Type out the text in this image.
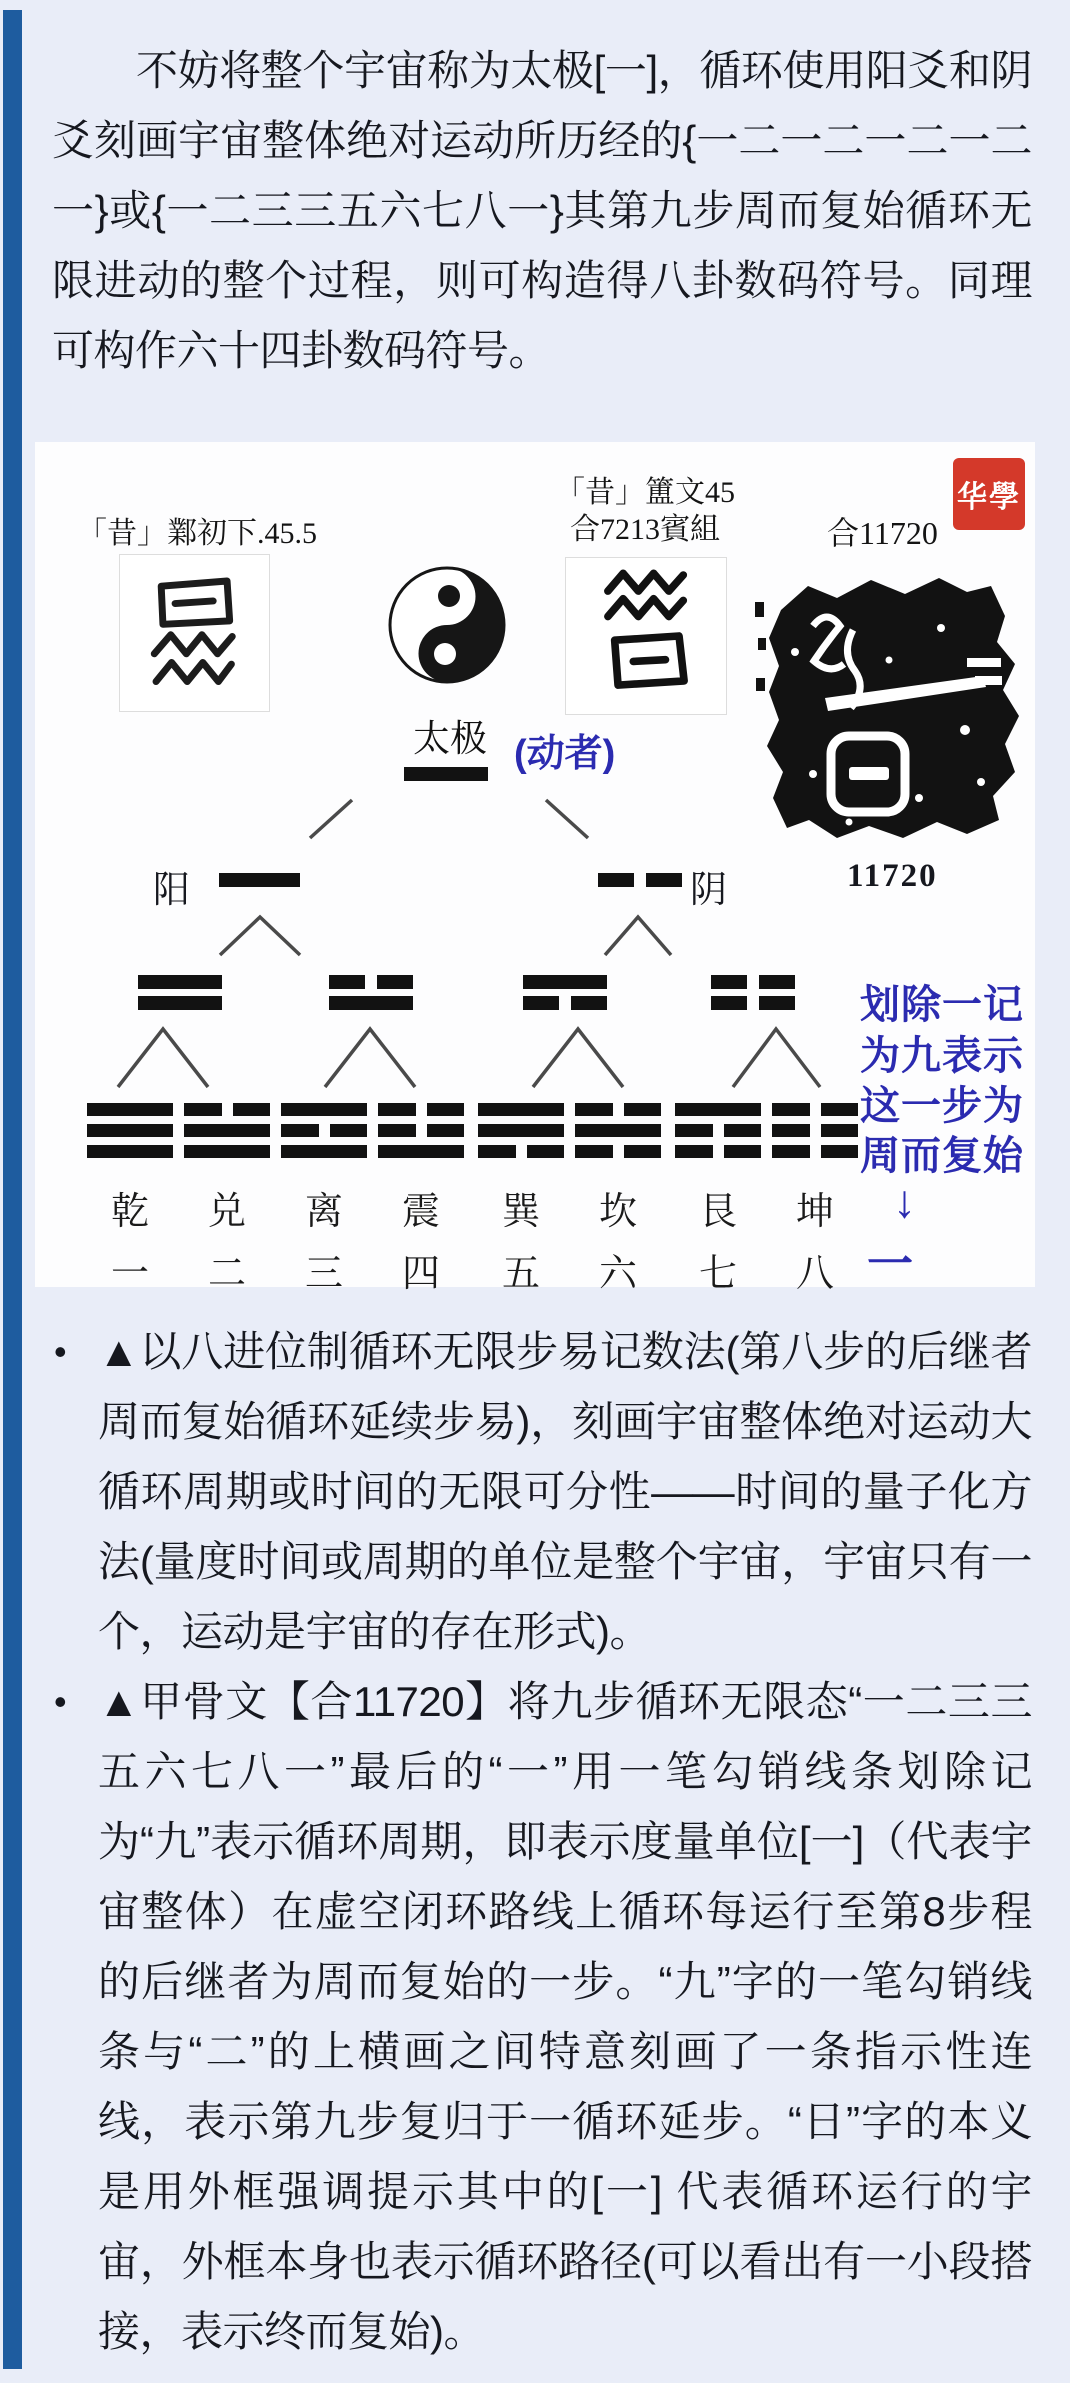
不妨将整个宇宙称为太极[一]，循环使用阳爻和阴爻刻画宇宙整体绝对运动所历经的{一二一二一二一二一}或{一二三三五六七八一}其第九步周而复始循环无限进动的整个过程，则可构造得八卦数码符号。同理可构作六十四卦数码符号。

「昔」鄴初下.45.5
「昔」簠文45
合7213賓組	合11720
华學
太极 (动者)
阳	阴	11720
乾	兑	离	震	巽	坎	艮	坤
一	二	三	四	五	六	七	八
划除一记
为九表示
这一步为
周而复始
↓
一
• ▲以八进位制循环无限步易记数法(第八步的后继者周而复始循环延续步易)，刻画宇宙整体绝对运动大循环周期或时间的无限可分性——时间的量子化方法(量度时间或周期的单位是整个宇宙，宇宙只有一个，运动是宇宙的存在形式)。
• ▲甲骨文【合11720】将九步循环无限态“一二三三五六七八一”最后的“一”用一笔勾销线条划除记为“九”表示循环周期，即表示度量单位[一]（代表宇宙整体）在虚空闭环路线上循环每运行至第8步程的后继者为周而复始的一步。“九”字的一笔勾销线条与“二”的上横画之间特意刻画了一条指示性连线，表示第九步复归于一循环延步。“日”字的本义是用外框强调提示其中的[一] 代表循环运行的宇宙，外框本身也表示循环路径(可以看出有一小段搭接，表示终而复始)。
